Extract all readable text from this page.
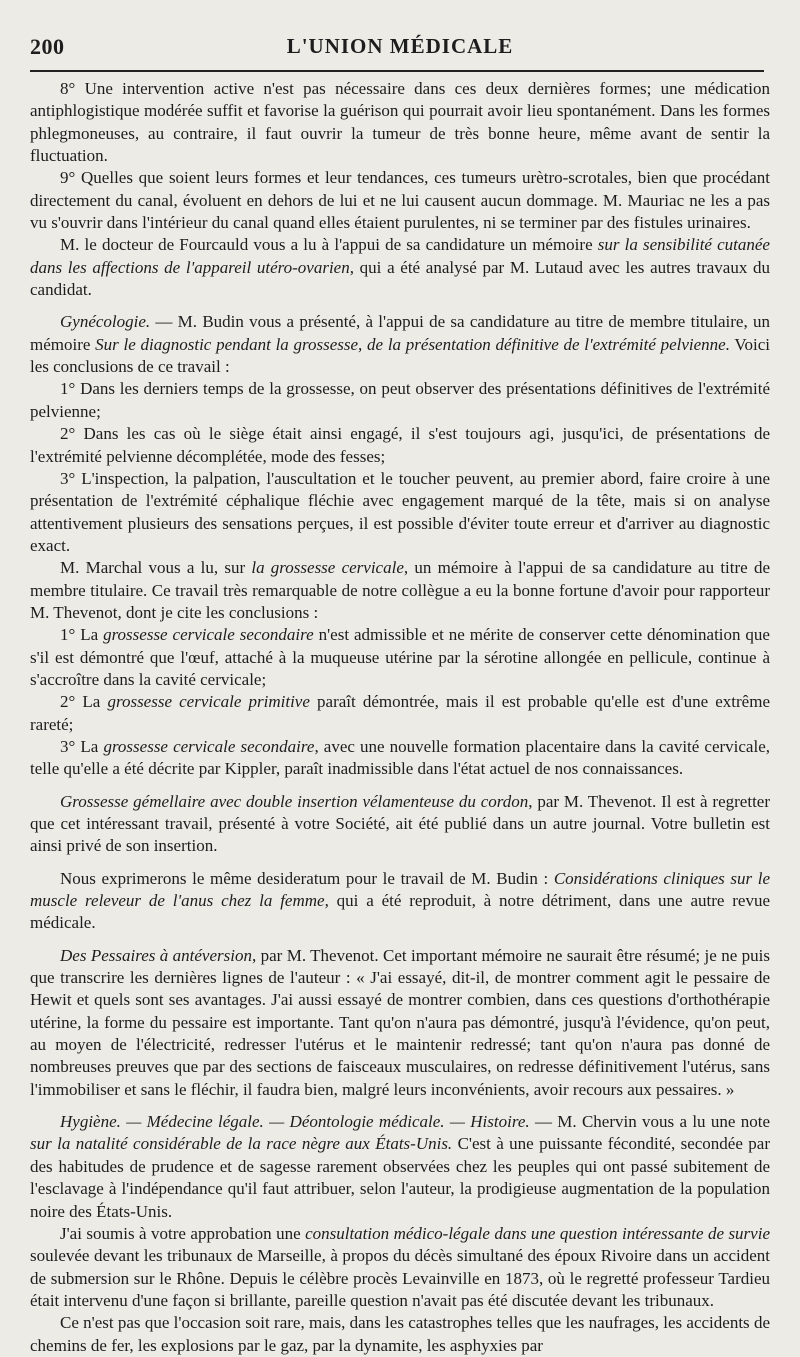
200	L'UNION MÉDICALE

8° Une intervention active n'est pas nécessaire dans ces deux dernières formes; une médication antiphlogistique modérée suffit et favorise la guérison qui pourrait avoir lieu spontanément. Dans les formes phlegmoneuses, au contraire, il faut ouvrir la tumeur de très bonne heure, même avant de sentir la fluctuation.

9° Quelles que soient leurs formes et leur tendances, ces tumeurs urètro-scrotales, bien que procédant directement du canal, évoluent en dehors de lui et ne lui causent aucun dommage. M. Mauriac ne les a pas vu s'ouvrir dans l'intérieur du canal quand elles étaient purulentes, ni se terminer par des fistules urinaires.

M. le docteur de Fourcauld vous a lu à l'appui de sa candidature un mémoire sur la sensibilité cutanée dans les affections de l'appareil utéro-ovarien, qui a été analysé par M. Lutaud avec les autres travaux du candidat.

Gynécologie. — M. Budin vous a présenté, à l'appui de sa candidature au titre de membre titulaire, un mémoire Sur le diagnostic pendant la grossesse, de la présentation définitive de l'extrémité pelvienne. Voici les conclusions de ce travail :

1° Dans les derniers temps de la grossesse, on peut observer des présentations définitives de l'extrémité pelvienne;

2° Dans les cas où le siège était ainsi engagé, il s'est toujours agi, jusqu'ici, de présentations de l'extrémité pelvienne décomplétée, mode des fesses;

3° L'inspection, la palpation, l'auscultation et le toucher peuvent, au premier abord, faire croire à une présentation de l'extrémité céphalique fléchie avec engagement marqué de la tête, mais si on analyse attentivement plusieurs des sensations perçues, il est possible d'éviter toute erreur et d'arriver au diagnostic exact.

M. Marchal vous a lu, sur la grossesse cervicale, un mémoire à l'appui de sa candidature au titre de membre titulaire. Ce travail très remarquable de notre collègue a eu la bonne fortune d'avoir pour rapporteur M. Thevenot, dont je cite les conclusions :

1° La grossesse cervicale secondaire n'est admissible et ne mérite de conserver cette dénomination que s'il est démontré que l'œuf, attaché à la muqueuse utérine par la sérotine allongée en pellicule, continue à s'accroître dans la cavité cervicale;

2° La grossesse cervicale primitive paraît démontrée, mais il est probable qu'elle est d'une extrême rareté;

3° La grossesse cervicale secondaire, avec une nouvelle formation placentaire dans la cavité cervicale, telle qu'elle a été décrite par Kippler, paraît inadmissible dans l'état actuel de nos connaissances.

Grossesse gémellaire avec double insertion vélamenteuse du cordon, par M. Thevenot. Il est à regretter que cet intéressant travail, présenté à votre Société, ait été publié dans un autre journal. Votre bulletin est ainsi privé de son insertion.

Nous exprimerons le même desideratum pour le travail de M. Budin : Considérations cliniques sur le muscle releveur de l'anus chez la femme, qui a été reproduit, à notre détriment, dans une autre revue médicale.

Des Pessaires à antéversion, par M. Thevenot. Cet important mémoire ne saurait être résumé; je ne puis que transcrire les dernières lignes de l'auteur : « J'ai essayé, dit-il, de montrer comment agit le pessaire de Hewit et quels sont ses avantages. J'ai aussi essayé de montrer combien, dans ces questions d'orthothérapie utérine, la forme du pessaire est importante. Tant qu'on n'aura pas démontré, jusqu'à l'évidence, qu'on peut, au moyen de l'électricité, redresser l'utérus et le maintenir redressé; tant qu'on n'aura pas donné de nombreuses preuves que par des sections de faisceaux musculaires, on redresse définitivement l'utérus, sans l'immobiliser et sans le fléchir, il faudra bien, malgré leurs inconvénients, avoir recours aux pessaires. »

Hygiène. — Médecine légale. — Déontologie médicale. — Histoire. — M. Chervin vous a lu une note sur la natalité considérable de la race nègre aux États-Unis. C'est à une puissante fécondité, secondée par des habitudes de prudence et de sagesse rarement observées chez les peuples qui ont passé subitement de l'esclavage à l'indépendance qu'il faut attribuer, selon l'auteur, la prodigieuse augmentation de la population noire des États-Unis.

J'ai soumis à votre approbation une consultation médico-légale dans une question intéressante de survie soulevée devant les tribunaux de Marseille, à propos du décès simultané des époux Rivoire dans un accident de submersion sur le Rhône. Depuis le célèbre procès Levainville en 1873, où le regretté professeur Tardieu était intervenu d'une façon si brillante, pareille question n'avait pas été discutée devant les tribunaux.

Ce n'est pas que l'occasion soit rare, mais, dans les catastrophes telles que les naufrages, les accidents de chemins de fer, les explosions par le gaz, par la dynamite, les asphyxies par
